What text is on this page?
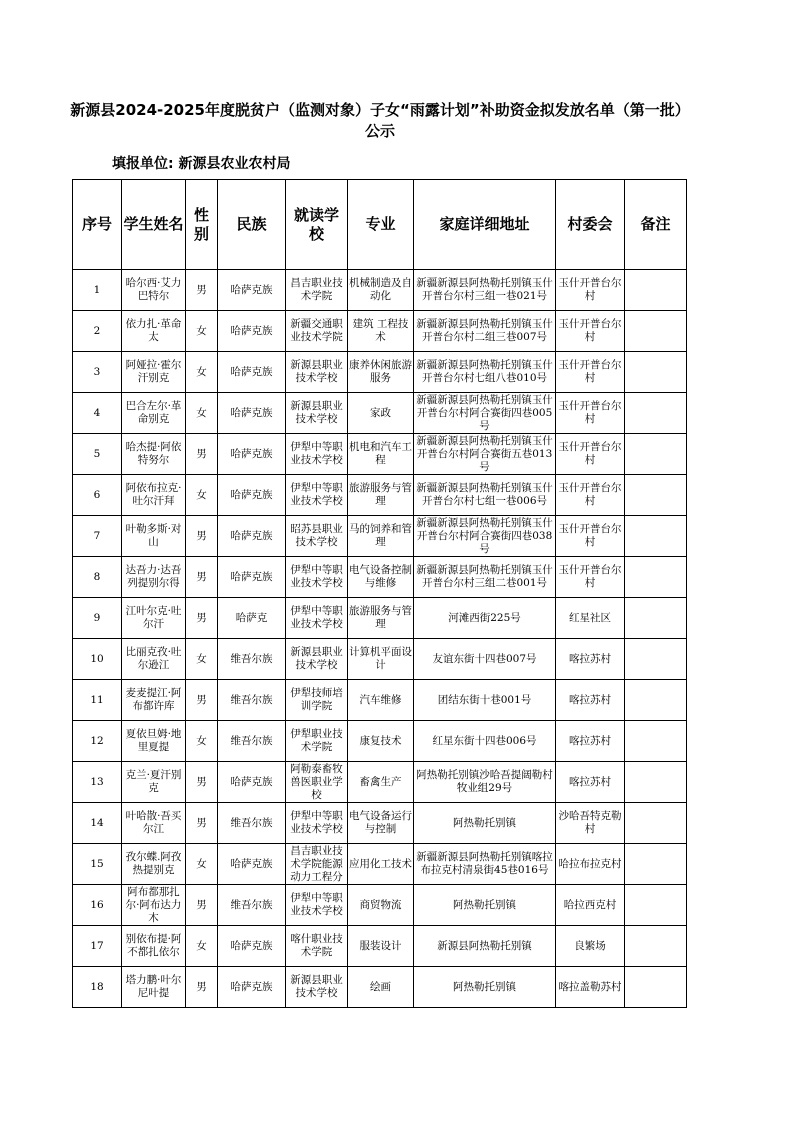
新源县2024-2025年度脱贫户（监测对象）子女“雨露计划”补助资金拟发放名单（第一批）公示
填报单位: 新源县农业农村局
序号	学生姓名	性别	民族	就读学校	专业	家庭详细地址	村委会	备注

1	哈尔西·艾力巴特尔	男	哈萨克族	昌吉职业技术学院	机械制造及自动化	新疆新源县阿热勒托别镇玉什开普台尔村三组一巷021号	玉什开普台尔村	

2	依力扎·革命太	女	哈萨克族	新疆交通职业技术学院	建筑 工程技术	新疆新源县阿热勒托别镇玉什开普台尔村二组三巷007号	玉什开普台尔村	

3	阿娅拉·霍尔汗别克	女	哈萨克族	新源县职业技术学校	康养休闲旅游服务	新疆新源县阿热勒托别镇玉什开普台尔村七组八巷010号	玉什开普台尔村	

4	巴合左尔·革命别克	女	哈萨克族	新源县职业技术学校	家政	新疆新源县阿热勒托别镇玉什开普台尔村阿合赛街四巷005号	玉什开普台尔村	

5	哈杰提·阿依特努尔	男	哈萨克族	伊犁中等职业技术学校	机电和汽车工程	新疆新源县阿热勒托别镇玉什开普台尔村阿合赛街五巷013号	玉什开普台尔村	

6	阿依布拉克·吐尔汗拜	女	哈萨克族	伊犁中等职业技术学校	旅游服务与管理	新疆新源县阿热勒托别镇玉什开普台尔村七组一巷006号	玉什开普台尔村	

7	叶勒多斯·对山	男	哈萨克族	昭苏县职业技术学校	马的饲养和管理	新疆新源县阿热勒托别镇玉什开普台尔村阿合赛街四巷038号	玉什开普台尔村	

8	达吾力·达吾列提别尔得	男	哈萨克族	伊犁中等职业技术学校	电气设备控制与维修	新疆新源县阿热勒托别镇玉什开普台尔村三组二巷001号	玉什开普台尔村	

9	江叶尔克·吐尔汗	男	哈萨克	伊犁中等职业技术学校	旅游服务与管理	河滩西街225号	红星社区	

10	比丽克孜·吐尔逊江	女	维吾尔族	新源县职业技术学校	计算机平面设计	友谊东街十四巷007号	喀拉苏村	

11	麦麦提江·阿布都许库	男	维吾尔族	伊犁技师培训学院	汽车维修	团结东街十巷001号	喀拉苏村	

12	夏依旦姆·地里夏提	女	维吾尔族	伊犁职业技术学院	康复技术	红星东街十四巷006号	喀拉苏村	

13	克兰·夏汗别克	男	哈萨克族	阿勒泰畜牧兽医职业学校	畜禽生产	阿热勒托别镇沙哈吾提阔勒村牧业组29号	喀拉苏村	

14	叶哈散·吾买尔江	男	维吾尔族	伊犁中等职业技术学校	电气设备运行与控制	阿热勒托别镇	沙哈吾特克勒村	

15	孜尔蝶.阿孜热提别克	女	哈萨克族	昌吉职业技术学院能源动力工程分	应用化工技术	新疆新源县阿热勒托别镇喀拉布拉克村清泉街45巷016号	哈拉布拉克村	

16	阿布都那扎尔·阿布达力木	男	维吾尔族	伊犁中等职业技术学校	商贸物流	阿热勒托别镇	哈拉西克村	

17	别依布提·阿不都扎依尔	女	哈萨克族	喀什职业技术学院	服装设计	新源县阿热勒托别镇	良繁场	

18	塔力鹏·叶尔尼叶提	男	哈萨克族	新源县职业技术学校	绘画	阿热勒托别镇	喀拉盖勒苏村	
